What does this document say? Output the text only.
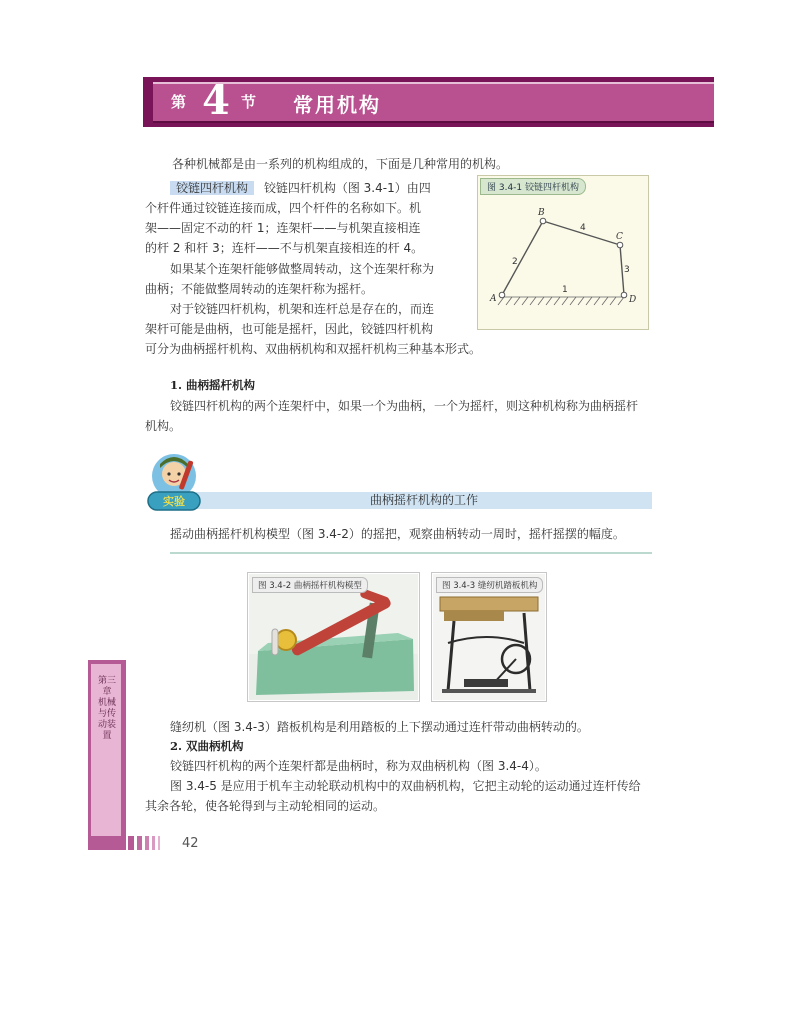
第 4 节 常用机构
各种机械都是由一系列的机构组成的，下面是几种常用的机构。
铰链四杆机构 铰链四杆机构（图 3.4-1）由四
个杆件通过铰链连接而成，四个杆件的名称如下。机
架——固定不动的杆 1；连架杆——与机架直接相连
的杆 2 和杆 3；连杆——不与机架直接相连的杆 4。
如果某个连架杆能够做整周转动，这个连架杆称为
曲柄；不能做整周转动的连架杆称为摇杆。
对于铰链四杆机构，机架和连杆总是存在的，而连
架杆可能是曲柄，也可能是摇杆，因此，铰链四杆机构
可分为曲柄摇杆机构、双曲柄机构和双摇杆机构三种基本形式。
图 3.4-1 铰链四杆机构
A
B
C
D
1
2
3
4
1. 曲柄摇杆机构
铰链四杆机构的两个连架杆中，如果一个为曲柄，一个为摇杆，则这种机构称为曲柄摇杆
机构。
曲柄摇杆机构的工作
实验
摇动曲柄摇杆机构模型（图 3.4-2）的摇把，观察曲柄转动一周时，摇杆摇摆的幅度。
图 3.4-2 曲柄摇杆机构模型	图 3.4-3 缝纫机踏板机构
缝纫机（图 3.4-3）踏板机构是利用踏板的上下摆动通过连杆带动曲柄转动的。
2. 双曲柄机构
铰链四杆机构的两个连架杆都是曲柄时，称为双曲柄机构（图 3.4-4）。
图 3.4-5 是应用于机车主动轮联动机构中的双曲柄机构，它把主动轮的运动通过连杆传给
其余各轮，使各轮得到与主动轮相同的运动。
第三章 机械与传动装置
42
